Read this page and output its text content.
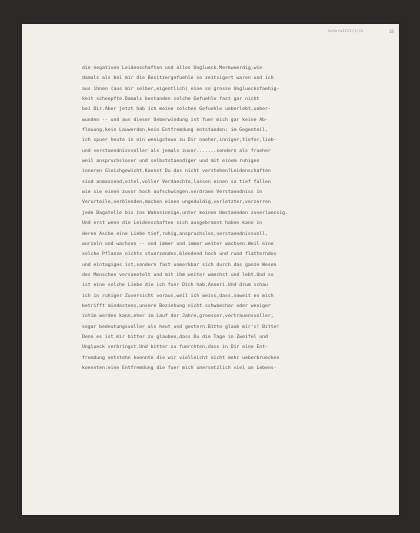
SpVerwIIII/1/15	18
die negativen Leidenschaften und alles Unglueck.Merkwuerdig,wie
damals als bei mir die Besitzergefuehle so zeitsigert waren und ich
aus ihnen (aus mir selber,eigentlich) eine so grosse Ungluecksfaehig-
keit schoepfte.Damals bestanden solche Gefuehle fast gar nicht
bei Dir.Aber jetzt hab ich meine solchen Gefuehle ueberlebt,ueber-
wunden -- und aus dieser Ueberwindung ist fuer mich gar keine Ab-
flauung,kein Lauwerden,kein Entfremdung entstanden: im Gegenteil,
ich spuer heute in ein wenigsteue zu Dir naeher,inniger,tiefer,lieb-
und verstaendnissvoller als jemals zuvor.......sondern als frueher
weil anspruchsloser und selbststaendiger und mit einem ruhigen
inneren Gleichgewicht.Kannst Du das nicht verstehen?Leidenschaften
sind anmassend,eitel,voller Verdaechte,lassen einen so tief fallen
wie sie einen zuvor hoch aufschwingen,verdraen Verstaendniss in
Vorurteile,verblenden,machen einen ungeduldig,verletzter,verzerren
jede Bagatelle bis ins Wahnsinnige,unter keinen Umstaenden zuverlaessig.
Und erst wenn die Leidenschaften sich ausgebrannt haben kann in
deren Asche eine Liebe tief,ruhig,anspruchslos,verstaendnissvoll,
wurzeln und wachsen -- und immer und immer weiter wachsen.Weil eine
solche Pflanze nichts stuerzendes,blendend hoch und rund flatterndes
und eintagiges ist,sondern fast unmerkbar sich durch das ganze Wesen
des Menschen versaeetelt und mit ihm weiter waechst und lebt.Und so
ist eine solche Liebe die ich fuer Dich hab,Anneri.Und drum schau
ich in ruhiger Zuversicht voraus,weil ich weiss,dass,soweit es mich
betrifft mindestens,unsere Beziehung nicht schwaecher oder weniger
intim werden kann,eher im Lauf der Jahre,groesser,vertrauensvoller,
sogar bedeutungsvoller als heut und gestern.Bitte glaub mir's! Bitte!
Denn es ist mir bitter zu glauben,dass Du die Tage in Zweifel und
Unglueck verbringst.Und bitter zu fuerchten,dass in Dir eine Ent-
fremdung entstehn koennte die wir vielleicht nicht mehr ueberbruecken
koennten:eine Entfremdung die fuer mich unersetzlich viel an Lebens-
